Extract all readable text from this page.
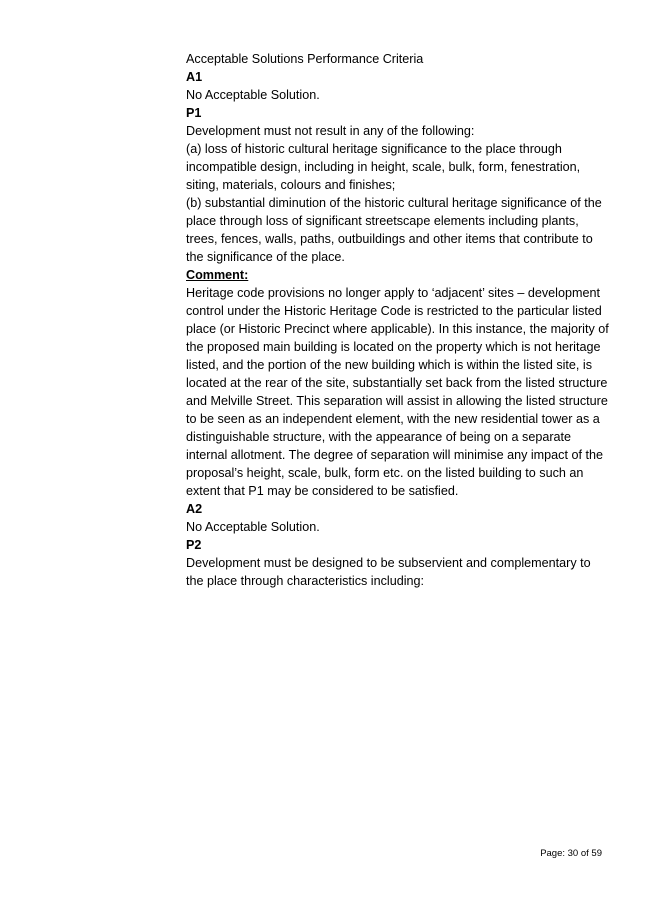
Acceptable Solutions Performance Criteria

A1

No Acceptable Solution.

P1

Development must not result in any of the following:

(a) loss of historic cultural heritage significance to the place through incompatible design, including in height, scale, bulk, form, fenestration, siting, materials, colours and finishes;

(b) substantial diminution of the historic cultural heritage significance of the place through loss of significant streetscape elements including plants, trees, fences, walls, paths, outbuildings and other items that contribute to the significance of the place.

Comment:

Heritage code provisions no longer apply to ‘adjacent’ sites – development control under the Historic Heritage Code is restricted to the particular listed place (or Historic Precinct where applicable). In this instance, the majority of the proposed main building is located on the property which is not heritage listed, and the portion of the new building which is within the listed site, is located at the rear of the site, substantially set back from the listed structure and Melville Street. This separation will assist in allowing the listed structure to be seen as an independent element, with the new residential tower as a distinguishable structure, with the appearance of being on a separate internal allotment. The degree of separation will minimise any impact of the proposal’s height, scale, bulk, form etc. on the listed building to such an extent that P1 may be considered to be satisfied.

A2

No Acceptable Solution.

P2

Development must be designed to be subservient and complementary to the place through characteristics including:

Page: 30 of 59
